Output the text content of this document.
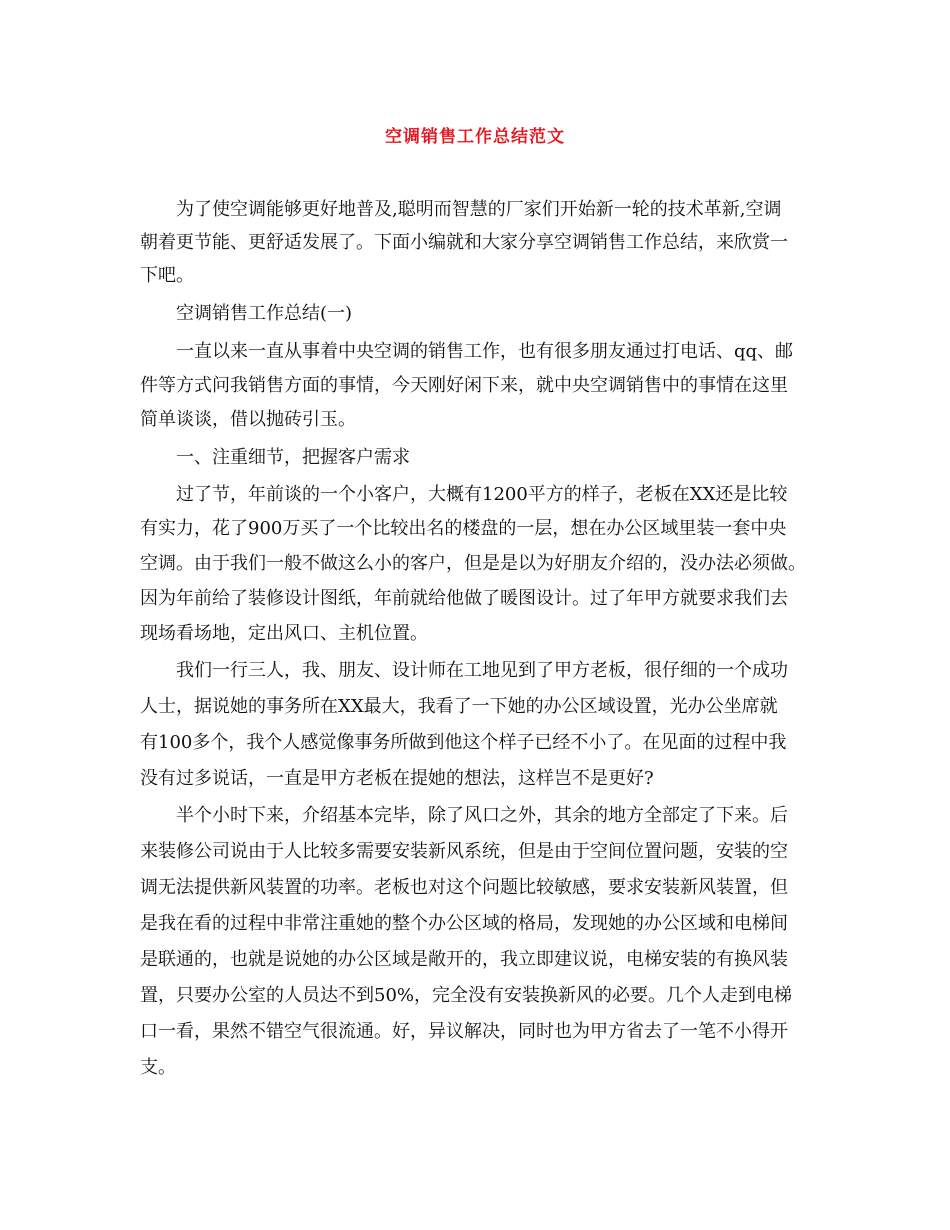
空调销售工作总结范文

为了使空调能够更好地普及,聪明而智慧的厂家们开始新一轮的技术革新,空调

朝着更节能、更舒适发展了。下面小编就和大家分享空调销售工作总结，来欣赏一

下吧。

空调销售工作总结(一)

一直以来一直从事着中央空调的销售工作，也有很多朋友通过打电话、qq、邮

件等方式问我销售方面的事情，今天刚好闲下来，就中央空调销售中的事情在这里

简单谈谈，借以抛砖引玉。

一、注重细节，把握客户需求

过了节，年前谈的一个小客户，大概有1200平方的样子，老板在XX还是比较

有实力，花了900万买了一个比较出名的楼盘的一层，想在办公区域里装一套中央

空调。由于我们一般不做这么小的客户，但是是以为好朋友介绍的，没办法必须做。

因为年前给了装修设计图纸，年前就给他做了暖图设计。过了年甲方就要求我们去

现场看场地，定出风口、主机位置。

我们一行三人，我、朋友、设计师在工地见到了甲方老板，很仔细的一个成功

人士，据说她的事务所在XX最大，我看了一下她的办公区域设置，光办公坐席就

有100多个，我个人感觉像事务所做到他这个样子已经不小了。在见面的过程中我

没有过多说话，一直是甲方老板在提她的想法，这样岂不是更好?

半个小时下来，介绍基本完毕，除了风口之外，其余的地方全部定了下来。后

来装修公司说由于人比较多需要安装新风系统，但是由于空间位置问题，安装的空

调无法提供新风装置的功率。老板也对这个问题比较敏感，要求安装新风装置，但

是我在看的过程中非常注重她的整个办公区域的格局，发现她的办公区域和电梯间

是联通的，也就是说她的办公区域是敞开的，我立即建议说，电梯安装的有换风装

置，只要办公室的人员达不到50%，完全没有安装换新风的必要。几个人走到电梯

口一看，果然不错空气很流通。好，异议解决，同时也为甲方省去了一笔不小得开

支。
